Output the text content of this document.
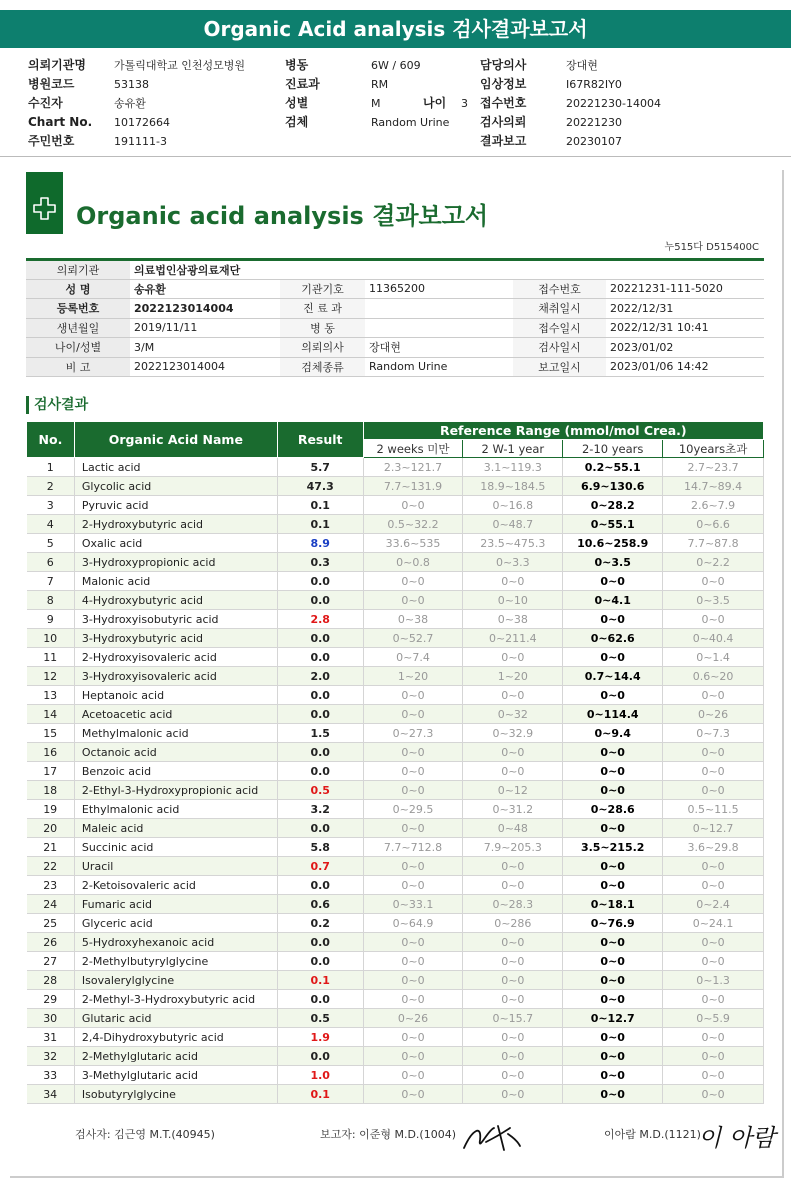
Organic Acid analysis 검사결과보고서
의뢰기관명	가톨릭대학교 인천성모병원
병원코드	53138
수진자	송유환
Chart No. 10172664
주민번호	191111-3
병동	6W / 609
진료과	RM
성별	M	나이 3
검체	Random Urine
담당의사	장대현
임상정보	I67R82IY0
접수번호	20221230-14004
검사의뢰	20221230
결과보고	20230107
Organic acid analysis 결과보고서
누515다 D515400C
의뢰기관	의료법인삼광의료재단				
성 명	송유환	기관기호	11365200	접수번호	20221231-111-5020
등록번호	2022123014004	진 료 과		채취일시	2022/12/31
생년월일	2019/11/11	병 동		접수일시	2022/12/31 10:41
나이/성별	3/M	의뢰의사	장대현	검사일시	2023/01/02
비 고	2022123014004	검체종류	Random Urine	보고일시	2023/01/06 14:42
검사결과
No.	Organic Acid Name	Result	Reference Range (mmol/mol Crea.)			
			2 weeks 미만	2 W-1 year	2-10 years	10years초과
1	Lactic acid	5.7	2.3~121.7	3.1~119.3	0.2~55.1	2.7~23.7
2	Glycolic acid	47.3	7.7~131.9	18.9~184.5	6.9~130.6	14.7~89.4
3	Pyruvic acid	0.1	0~0	0~16.8	0~28.2	2.6~7.9
4	2-Hydroxybutyric acid	0.1	0.5~32.2	0~48.7	0~55.1	0~6.6
5	Oxalic acid	8.9	33.6~535	23.5~475.3	10.6~258.9	7.7~87.8
6	3-Hydroxypropionic acid	0.3	0~0.8	0~3.3	0~3.5	0~2.2
7	Malonic acid	0.0	0~0	0~0	0~0	0~0
8	4-Hydroxybutyric acid	0.0	0~0	0~10	0~4.1	0~3.5
9	3-Hydroxyisobutyric acid	2.8	0~38	0~38	0~0	0~0
10	3-Hydroxybutyric acid	0.0	0~52.7	0~211.4	0~62.6	0~40.4
11	2-Hydroxyisovaleric acid	0.0	0~7.4	0~0	0~0	0~1.4
12	3-Hydroxyisovaleric acid	2.0	1~20	1~20	0.7~14.4	0.6~20
13	Heptanoic acid	0.0	0~0	0~0	0~0	0~0
14	Acetoacetic acid	0.0	0~0	0~32	0~114.4	0~26
15	Methylmalonic acid	1.5	0~27.3	0~32.9	0~9.4	0~7.3
16	Octanoic acid	0.0	0~0	0~0	0~0	0~0
17	Benzoic acid	0.0	0~0	0~0	0~0	0~0
18	2-Ethyl-3-Hydroxypropionic acid	0.5	0~0	0~12	0~0	0~0
19	Ethylmalonic acid	3.2	0~29.5	0~31.2	0~28.6	0.5~11.5
20	Maleic acid	0.0	0~0	0~48	0~0	0~12.7
21	Succinic acid	5.8	7.7~712.8	7.9~205.3	3.5~215.2	3.6~29.8
22	Uracil	0.7	0~0	0~0	0~0	0~0
23	2-Ketoisovaleric acid	0.0	0~0	0~0	0~0	0~0
24	Fumaric acid	0.6	0~33.1	0~28.3	0~18.1	0~2.4
25	Glyceric acid	0.2	0~64.9	0~286	0~76.9	0~24.1
26	5-Hydroxyhexanoic acid	0.0	0~0	0~0	0~0	0~0
27	2-Methylbutyrylglycine	0.0	0~0	0~0	0~0	0~0
28	Isovalerylglycine	0.1	0~0	0~0	0~0	0~1.3
29	2-Methyl-3-Hydroxybutyric acid	0.0	0~0	0~0	0~0	0~0
30	Glutaric acid	0.5	0~26	0~15.7	0~12.7	0~5.9
31	2,4-Dihydroxybutyric acid	1.9	0~0	0~0	0~0	0~0
32	2-Methylglutaric acid	0.0	0~0	0~0	0~0	0~0
33	3-Methylglutaric acid	1.0	0~0	0~0	0~0	0~0
34	Isobutyrylglycine	0.1	0~0	0~0	0~0	0~0
검사자: 김근영 M.T.(40945)	보고자: 이준형 M.D.(1004)	이아람 M.D.(1121)
이 아람
